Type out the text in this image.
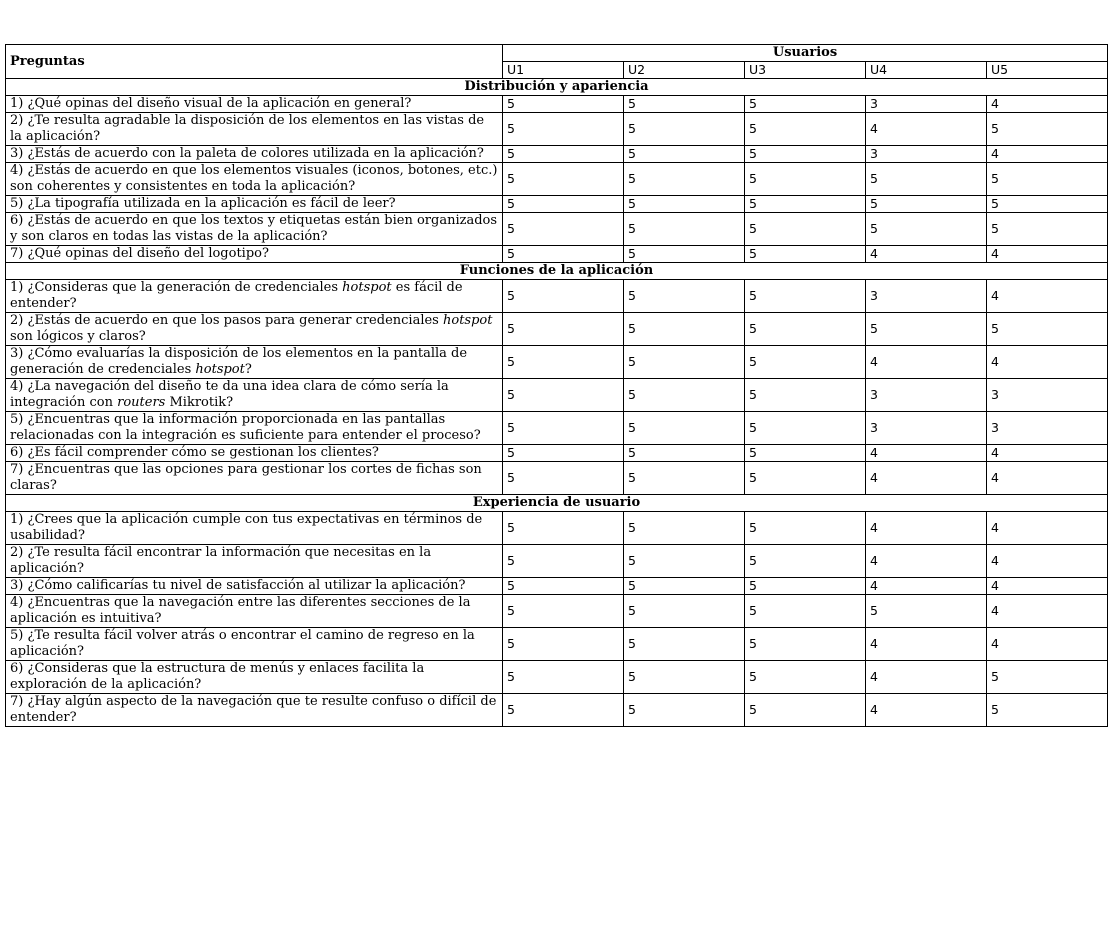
Preguntas	Usuarios				
	U1	U2	U3	U4	U5
Distribución y apariencia					
1) ¿Qué opinas del diseño visual de la aplicación en general?	5	5	5	3	4
2) ¿Te resulta agradable la disposición de los elementos en las vistas de la aplicación?	5	5	5	4	5
3) ¿Estás de acuerdo con la paleta de colores utilizada en la aplicación?	5	5	5	3	4
4) ¿Estás de acuerdo en que los elementos visuales (iconos, botones, etc.) son coherentes y consistentes en toda la aplicación?	5	5	5	5	5
5) ¿La tipografía utilizada en la aplicación es fácil de leer?	5	5	5	5	5
6) ¿Estás de acuerdo en que los textos y etiquetas están bien organizados y son claros en todas las vistas de la aplicación?	5	5	5	5	5
7) ¿Qué opinas del diseño del logotipo?	5	5	5	4	4
Funciones de la aplicación					
1) ¿Consideras que la generación de credenciales hotspot es fácil de entender?	5	5	5	3	4
2) ¿Estás de acuerdo en que los pasos para generar credenciales hotspot son lógicos y claros?	5	5	5	5	5
3) ¿Cómo evaluarías la disposición de los elementos en la pantalla de generación de credenciales hotspot?	5	5	5	4	4
4) ¿La navegación del diseño te da una idea clara de cómo sería la integración con routers Mikrotik?	5	5	5	3	3
5) ¿Encuentras que la información proporcionada en las pantallas relacionadas con la integración es suficiente para entender el proceso?	5	5	5	3	3
6) ¿Es fácil comprender cómo se gestionan los clientes?	5	5	5	4	4
7) ¿Encuentras que las opciones para gestionar los cortes de fichas son claras?	5	5	5	4	4
Experiencia de usuario					
1) ¿Crees que la aplicación cumple con tus expectativas en términos de usabilidad?	5	5	5	4	4
2) ¿Te resulta fácil encontrar la información que necesitas en la aplicación?	5	5	5	4	4
3) ¿Cómo calificarías tu nivel de satisfacción al utilizar la aplicación?	5	5	5	4	4
4) ¿Encuentras que la navegación entre las diferentes secciones de la aplicación es intuitiva?	5	5	5	5	4
5) ¿Te resulta fácil volver atrás o encontrar el camino de regreso en la aplicación?	5	5	5	4	4
6) ¿Consideras que la estructura de menús y enlaces facilita la exploración de la aplicación?	5	5	5	4	5
7) ¿Hay algún aspecto de la navegación que te resulte confuso o difícil de entender?	5	5	5	4	5
